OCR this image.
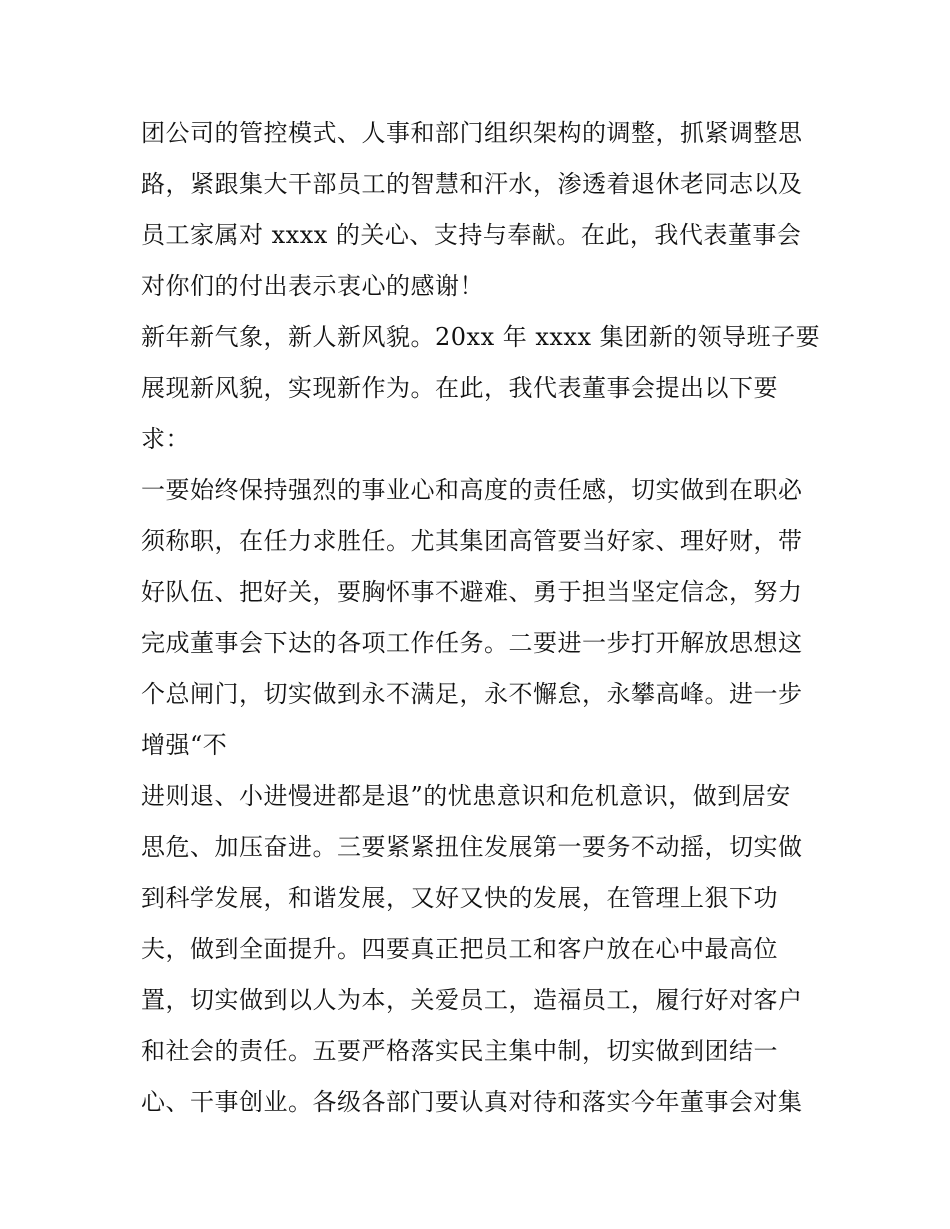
团公司的管控模式、人事和部门组织架构的调整，抓紧调整思
路，紧跟集大干部员工的智慧和汗水，渗透着退休老同志以及
员工家属对 xxxx 的关心、支持与奉献。在此，我代表董事会
对你们的付出表示衷心的感谢！
新年新气象，新人新风貌。20xx 年 xxxx 集团新的领导班子要
展现新风貌，实现新作为。在此，我代表董事会提出以下要
求：
一要始终保持强烈的事业心和高度的责任感，切实做到在职必
须称职，在任力求胜任。尤其集团高管要当好家、理好财，带
好队伍、把好关，要胸怀事不避难、勇于担当坚定信念，努力
完成董事会下达的各项工作任务。二要进一步打开解放思想这
个总闸门，切实做到永不满足，永不懈怠，永攀高峰。进一步
增强“不
进则退、小进慢进都是退”的忧患意识和危机意识，做到居安
思危、加压奋进。三要紧紧扭住发展第一要务不动摇，切实做
到科学发展，和谐发展，又好又快的发展，在管理上狠下功
夫，做到全面提升。四要真正把员工和客户放在心中最高位
置，切实做到以人为本，关爱员工，造福员工，履行好对客户
和社会的责任。五要严格落实民主集中制，切实做到团结一
心、干事创业。各级各部门要认真对待和落实今年董事会对集
